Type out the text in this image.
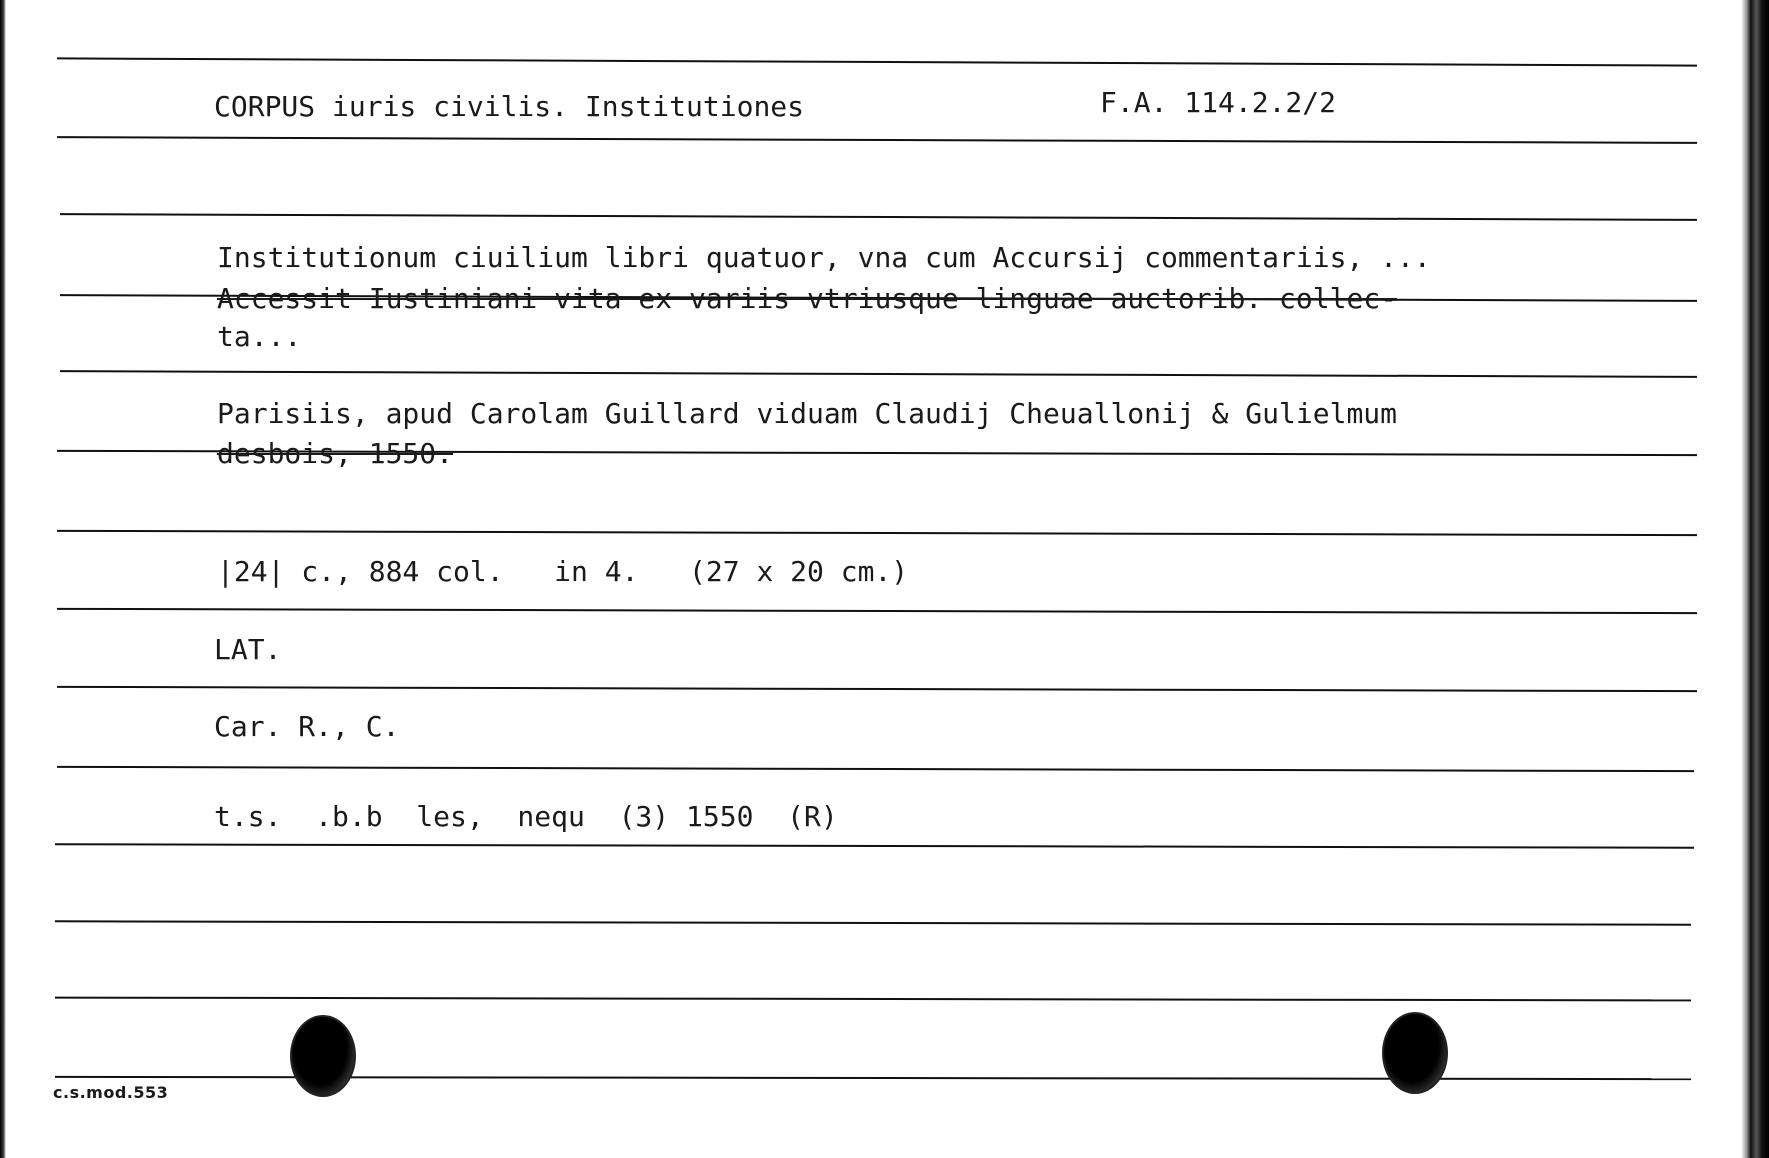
CORPUS iuris civilis. Institutiones	F.A. 114.2.2/2
Institutionum ciuilium libri quatuor, vna cum Accursij commentariis, ...
Accessit Iustiniani vita ex variis vtriusque linguae auctorib. collec-
ta...
Parisiis, apud Carolam Guillard viduam Claudij Cheuallonij & Gulielmum
desbois, 1550.
|24| c., 884 col.   in 4.   (27 x 20 cm.)
LAT.
Car. R., C.
t.s.  .b.b  les,  nequ  (3) 1550  (R)
c.s.mod.553
